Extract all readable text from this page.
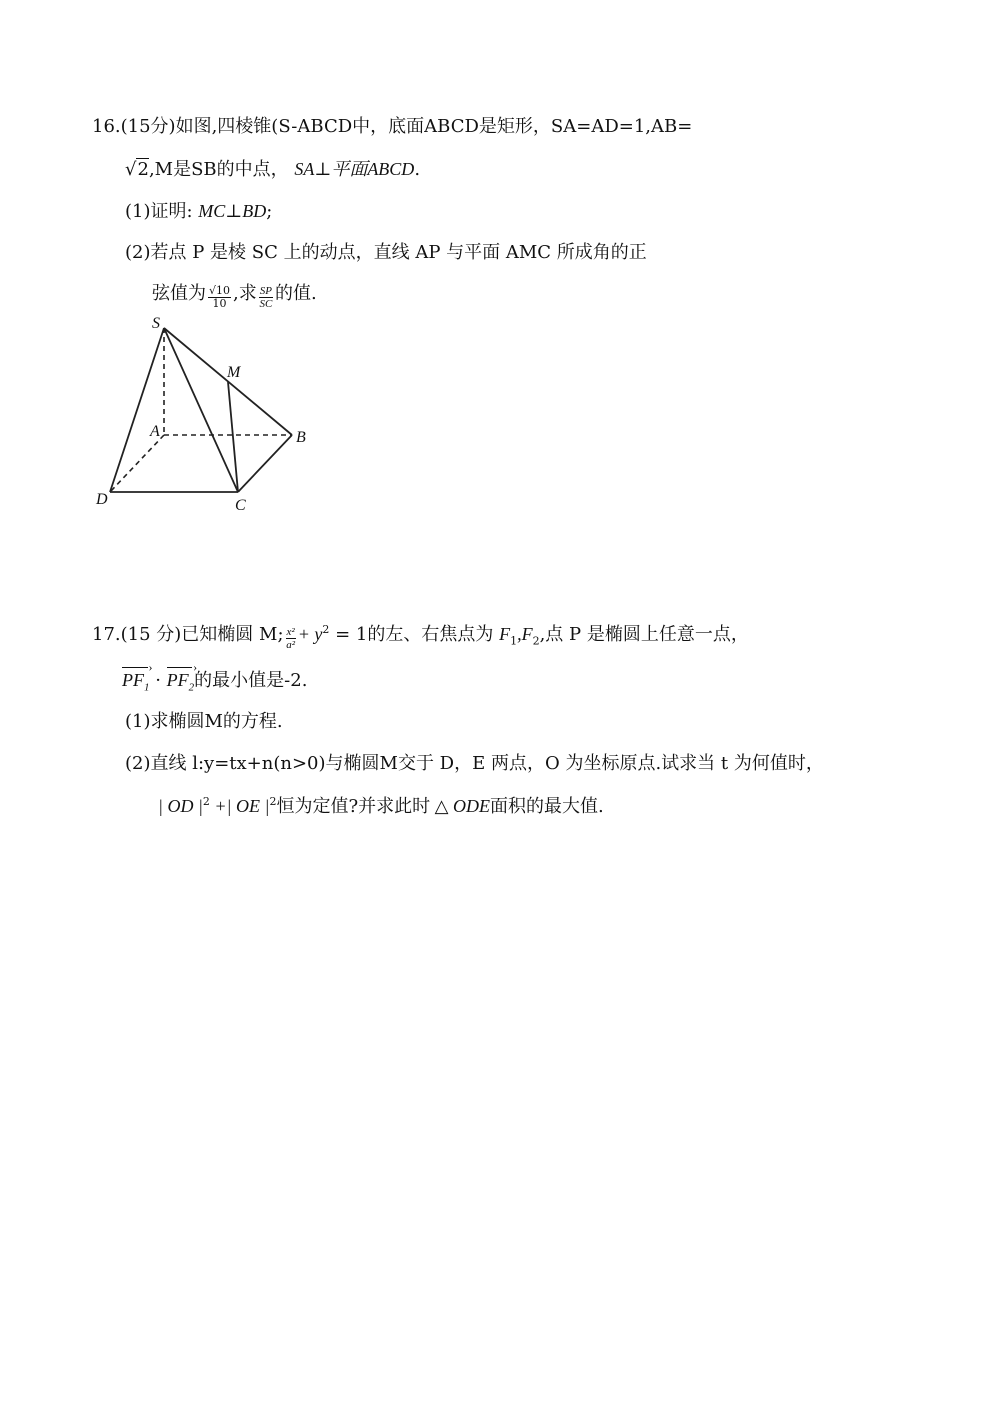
16.(15分)如图,四棱锥(S-ABCD中，底面ABCD是矩形，SA=AD=1,AB=
√2,M是SB的中点， SA⊥平面ABCD.
(1)证明: MC⊥BD;
(2)若点 P 是棱 SC 上的动点，直线 AP 与平面 AMC 所成角的正
弦值为 $\frac{√10}{10}$ ,求 $\frac{SP}{SC}$ 的值.
S
M
A	B
D	C
17.(15 分)已知椭圆 M; $\frac{\text{x²}}{\text{a²}} + y^2 = 1$的左、右焦点为 $F_1,F_2$,点 P 是椭圆上任意一点，
$PF_1$ › · $PF_2$ ›的最小值是-2.
(1)求椭圆M的方程.
(2)直线 l:y=tx+n(n>0)与椭圆M交于 D，E 两点，O 为坐标原点.试求当 t 为何值时，
| OD $|^2$ +| OE $|^2$恒为定值?并求此时 △ ODE面积的最大值.
